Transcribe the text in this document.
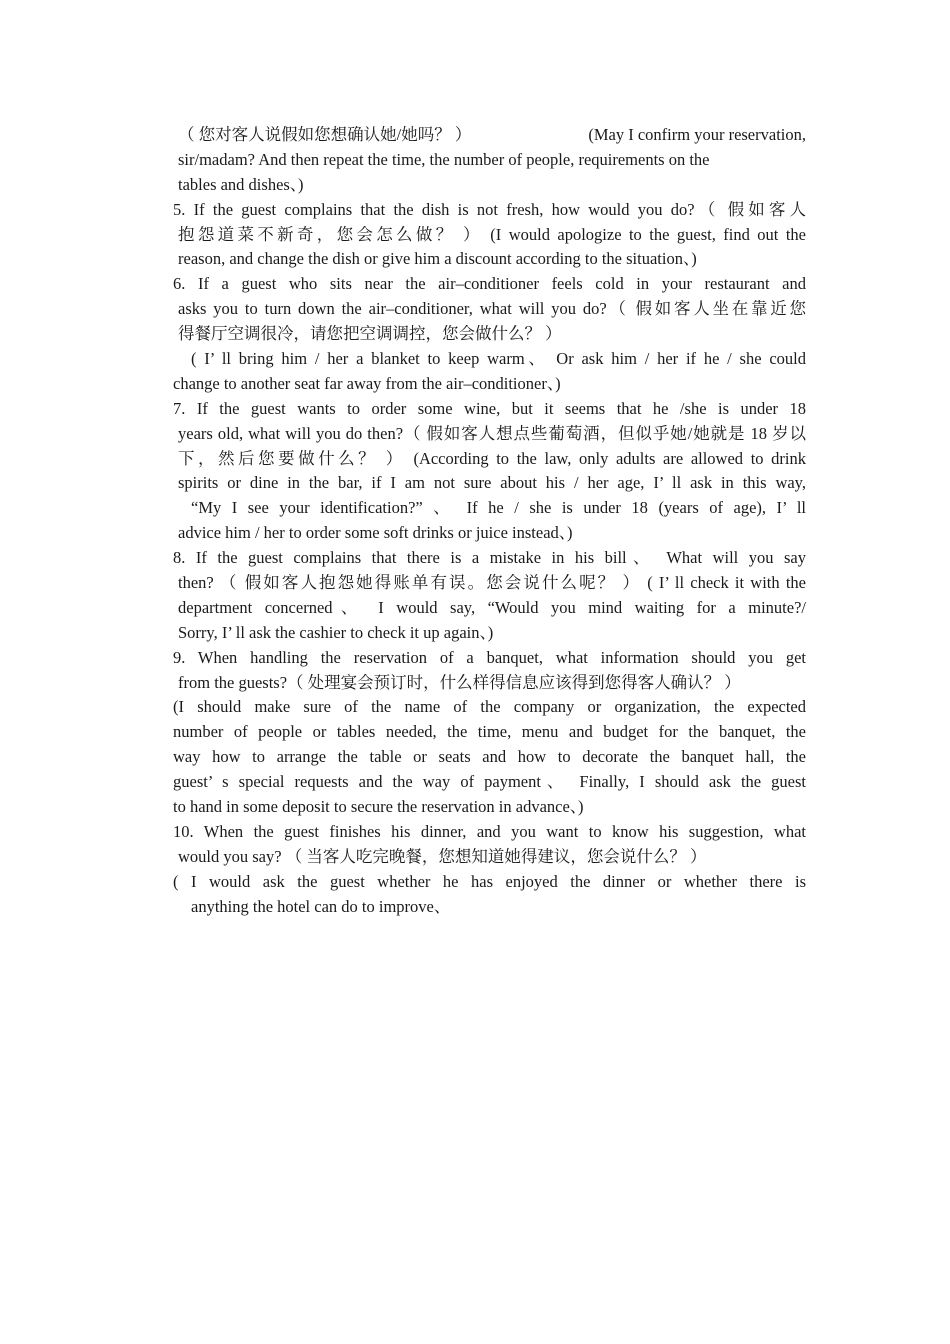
（ 您对客人说假如您想确认她/她吗？ ）	(May I confirm your reservation,
sir/madam? And then repeat the time, the number of people, requirements on the
tables and dishes、)
5. If the guest complains that the dish is not fresh, how would you do?（ 假如客人
抱怨道菜不新奇，您会怎么做？ ） (I would apologize to the guest, find out the
reason, and change the dish or give him a discount according to the situation、)
6. If a guest who sits near the air–conditioner feels cold in your restaurant and
asks you to turn down the air–conditioner, what will you do?（ 假如客人坐在靠近您
得餐厅空调很冷，请您把空调调控，您会做什么？ ）
( I’ ll bring him / her a blanket to keep warm、 Or ask him / her if he / she could
change to another seat far away from the air–conditioner、)
7. If the guest wants to order some wine, but it seems that he /she is under 18
years old, what will you do then?（ 假如客人想点些葡萄酒，但似乎她/她就是 18 岁以
下，然后您要做什么？ ） (According to the law, only adults are allowed to drink
spirits or dine in the bar, if I am not sure about his / her age, I’ ll ask in this way,
“My I see your identification?” 、 If he / she is under 18 (years of age), I’ ll
advice him / her to order some soft drinks or juice instead、)
8. If the guest complains that there is a mistake in his bill、 What will you say
then? （ 假如客人抱怨她得账单有误。您会说什么呢？ ） ( I’ ll check it with the
department concerned、 I would say, “Would you mind waiting for a minute?/
Sorry, I’ ll ask the cashier to check it up again、)
9. When handling the reservation of a banquet, what information should you get
from the guests?（ 处理宴会预订时，什么样得信息应该得到您得客人确认？ ）
(I should make sure of the name of the company or organization, the expected
number of people or tables needed, the time, menu and budget for the banquet, the
way how to arrange the table or seats and how to decorate the banquet hall, the
guest’ s special requests and the way of payment、 Finally, I should ask the guest
to hand in some deposit to secure the reservation in advance、)
10. When the guest finishes his dinner, and you want to know his suggestion, what
would you say? （ 当客人吃完晚餐，您想知道她得建议，您会说什么？ ）
( I would ask the guest whether he has enjoyed the dinner or whether there is
anything the hotel can do to improve、
